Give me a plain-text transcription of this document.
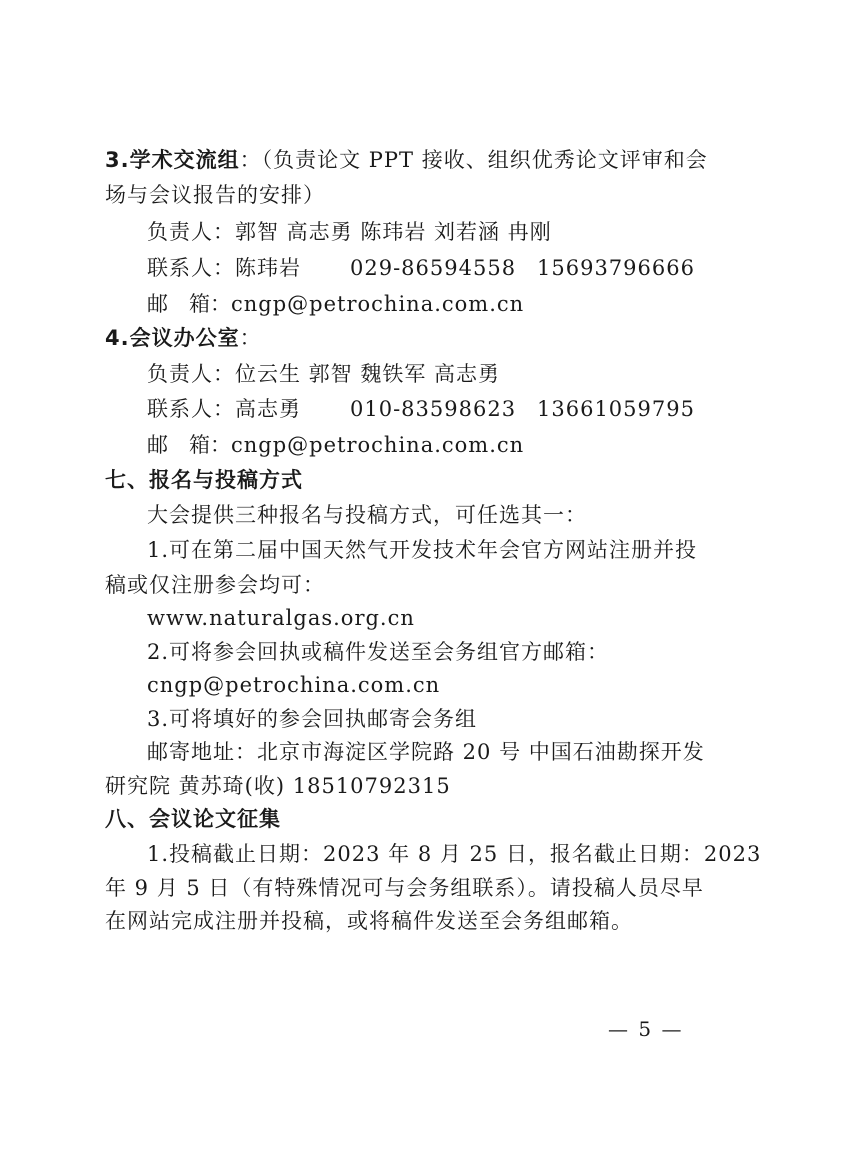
3.学术交流组：（负责论文 PPT 接收、组织优秀论文评审和会
场与会议报告的安排）
负责人：郭智 高志勇 陈玮岩 刘若涵 冉刚
联系人：陈玮岩 029-86594558 15693796666
邮 箱：cngp@petrochina.com.cn
4.会议办公室：
负责人：位云生 郭智 魏铁军 高志勇
联系人：高志勇 010-83598623 13661059795
邮 箱：cngp@petrochina.com.cn
七、报名与投稿方式
大会提供三种报名与投稿方式，可任选其一：
1.可在第二届中国天然气开发技术年会官方网站注册并投
稿或仅注册参会均可：
www.naturalgas.org.cn
2.可将参会回执或稿件发送至会务组官方邮箱：
cngp@petrochina.com.cn
3.可将填好的参会回执邮寄会务组
邮寄地址：北京市海淀区学院路 20 号 中国石油勘探开发
研究院 黄苏琦(收) 18510792315
八、会议论文征集
1.投稿截止日期：2023 年 8 月 25 日，报名截止日期：2023
年 9 月 5 日（有特殊情况可与会务组联系）。请投稿人员尽早
在网站完成注册并投稿，或将稿件发送至会务组邮箱。
— 5 —
